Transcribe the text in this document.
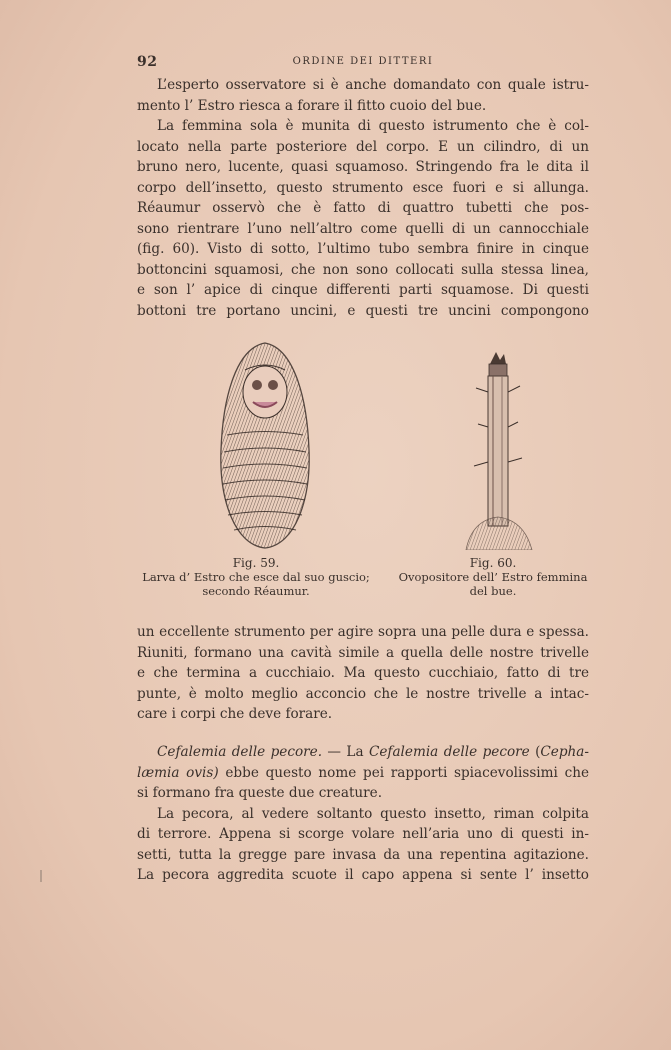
92	ORDINE DEI DITTERI
L’esperto osservatore si è anche domandato con quale istru-
mento l’ Estro riesca a forare il fitto cuoio del bue.
La femmina sola è munita di questo istrumento che è col-
locato nella parte posteriore del corpo. E un cilindro, di un
bruno nero, lucente, quasi squamoso. Stringendo fra le dita il
corpo dell’insetto, questo strumento esce fuori e si allunga.
Réaumur osservò che è fatto di quattro tubetti che pos-
sono rientrare l’uno nell’altro come quelli di un cannocchiale
(fig. 60). Visto di sotto, l’ultimo tubo sembra finire in cinque
bottoncini squamosi, che non sono collocati sulla stessa linea,
e son l’ apice di cinque differenti parti squamose. Di questi
bottoni tre portano uncini, e questi tre uncini compongono
Fig. 59.
Larva d’ Estro che esce dal suo guscio;
secondo Réaumur.
Fig. 60.
Ovopositore dell’ Estro femmina
del bue.
un eccellente strumento per agire sopra una pelle dura e spessa.
Riuniti, formano una cavità simile a quella delle nostre trivelle
e che termina a cucchiaio. Ma questo cucchiaio, fatto di tre
punte, è molto meglio acconcio che le nostre trivelle a intac-
care i corpi che deve forare.
Cefalemia delle pecore. — La Cefalemia delle pecore (Cepha-
læmia ovis) ebbe questo nome pei rapporti spiacevolissimi che
si formano fra queste due creature.
La pecora, al vedere soltanto questo insetto, riman colpita
di terrore. Appena si scorge volare nell’aria uno di questi in-
setti, tutta la gregge pare invasa da una repentina agitazione.
La pecora aggredita scuote il capo appena si sente l’ insetto
